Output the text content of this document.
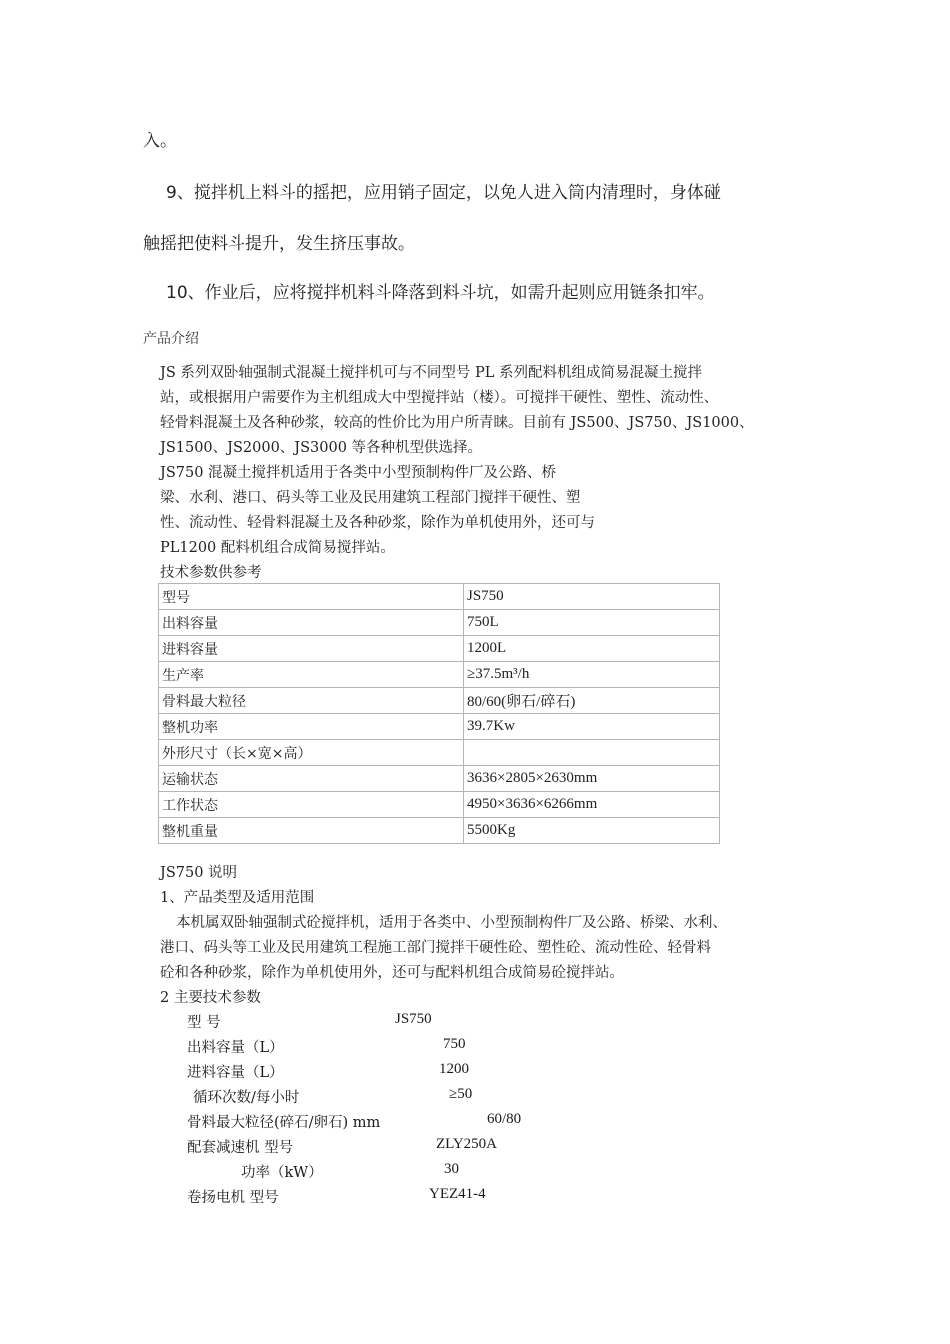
入。
9、搅拌机上料斗的摇把，应用销子固定，以免人进入筒内清理时，身体碰
触摇把使料斗提升，发生挤压事故。
10、作业后，应将搅拌机料斗降落到料斗坑，如需升起则应用链条扣牢。
产品介绍
JS 系列双卧轴强制式混凝土搅拌机可与不同型号 PL 系列配料机组成简易混凝土搅拌
站，或根据用户需要作为主机组成大中型搅拌站（楼）。可搅拌干硬性、塑性、流动性、
轻骨料混凝土及各种砂浆，较高的性价比为用户所青睐。目前有 JS500、JS750、JS1000、
JS1500、JS2000、JS3000 等各种机型供选择。
JS750 混凝土搅拌机适用于各类中小型预制构件厂及公路、桥
梁、水利、港口、码头等工业及民用建筑工程部门搅拌干硬性、塑
性、流动性、轻骨料混凝土及各种砂浆，除作为单机使用外，还可与
PL1200 配料机组合成简易搅拌站。
技术参数供参考
型号	JS750
出料容量	750L
进料容量	1200L
生产率	≥37.5m³/h
骨料最大粒径	80/60(卵石/碎石)
整机功率	39.7Kw
外形尺寸（长×宽×高）	
运输状态	3636×2805×2630mm
工作状态	4950×3636×6266mm
整机重量	5500Kg
JS750 说明
1、产品类型及适用范围
本机属双卧轴强制式砼搅拌机，适用于各类中、小型预制构件厂及公路、桥梁、水利、
港口、码头等工业及民用建筑工程施工部门搅拌干硬性砼、塑性砼、流动性砼、轻骨料
砼和各种砂浆，除作为单机使用外，还可与配料机组合成简易砼搅拌站。
2 主要技术参数
型 号	JS750
出料容量（L）	750
进料容量（L）	1200
循环次数/每小时	≥50
骨料最大粒径(碎石/卵石) mm	60/80
配套减速机 型号	ZLY250A
功率（kW）	30
卷扬电机 型号	YEZ41-4
